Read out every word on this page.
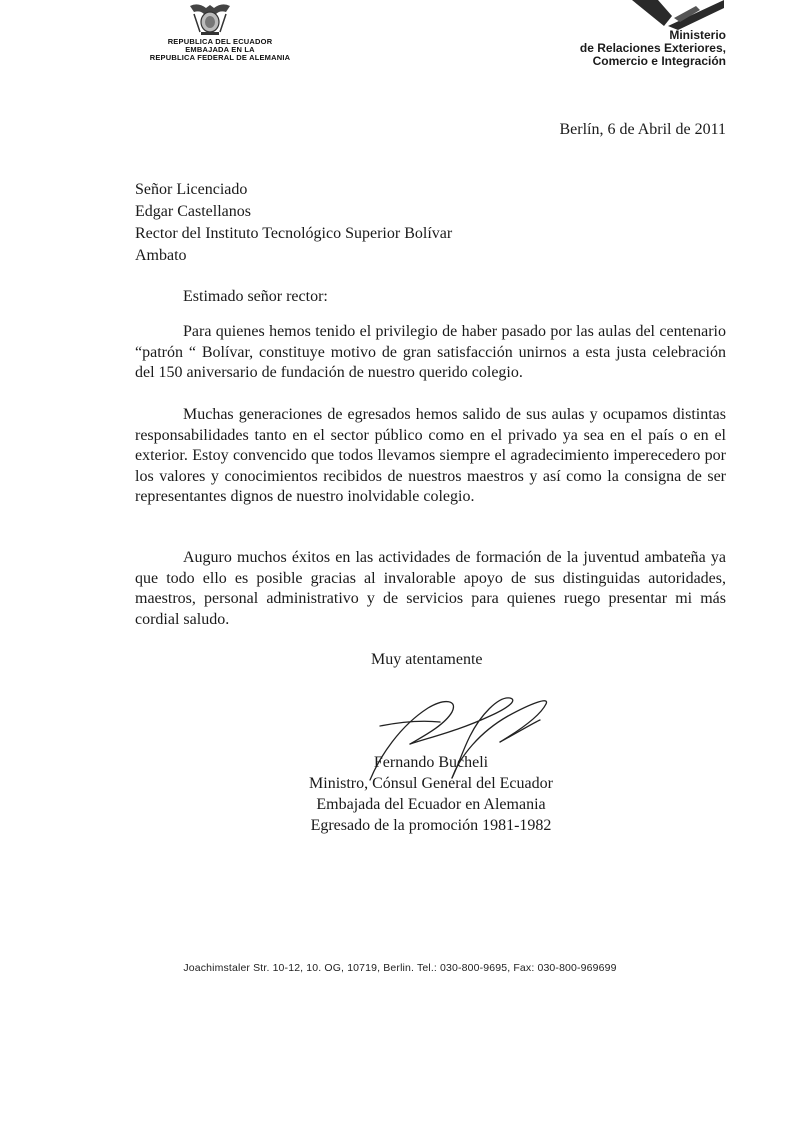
REPUBLICA DEL ECUADOR
EMBAJADA EN LA
REPUBLICA FEDERAL DE ALEMANIA
Ministerio
de Relaciones Exteriores,
Comercio e Integración
Berlín, 6 de Abril de 2011
Señor Licenciado
Edgar Castellanos
Rector del Instituto Tecnológico Superior Bolívar
Ambato
Estimado señor rector:
Para quienes hemos tenido el privilegio de haber pasado por las aulas del centenario “patrón “ Bolívar, constituye motivo de gran satisfacción unirnos a esta justa celebración del 150 aniversario de fundación de nuestro querido colegio.
Muchas generaciones de egresados hemos salido de sus aulas y ocupamos distintas responsabilidades tanto en el sector público como en el privado ya sea en el país o en el exterior. Estoy convencido que todos llevamos siempre el agradecimiento imperecedero por los valores y conocimientos recibidos de nuestros maestros y así como la consigna de ser representantes dignos de nuestro inolvidable colegio.
Auguro muchos éxitos en las actividades de formación de la juventud ambateña ya que todo ello es posible gracias al invalorable apoyo de sus distinguidas autoridades, maestros, personal administrativo y de servicios para quienes ruego presentar mi más cordial saludo.
Muy atentamente
Fernando Bucheli
Ministro, Cónsul General del Ecuador
Embajada del Ecuador en Alemania
Egresado de la promoción 1981-1982
Joachimstaler Str. 10-12, 10. OG, 10719, Berlin. Tel.: 030-800-9695, Fax: 030-800-969699
